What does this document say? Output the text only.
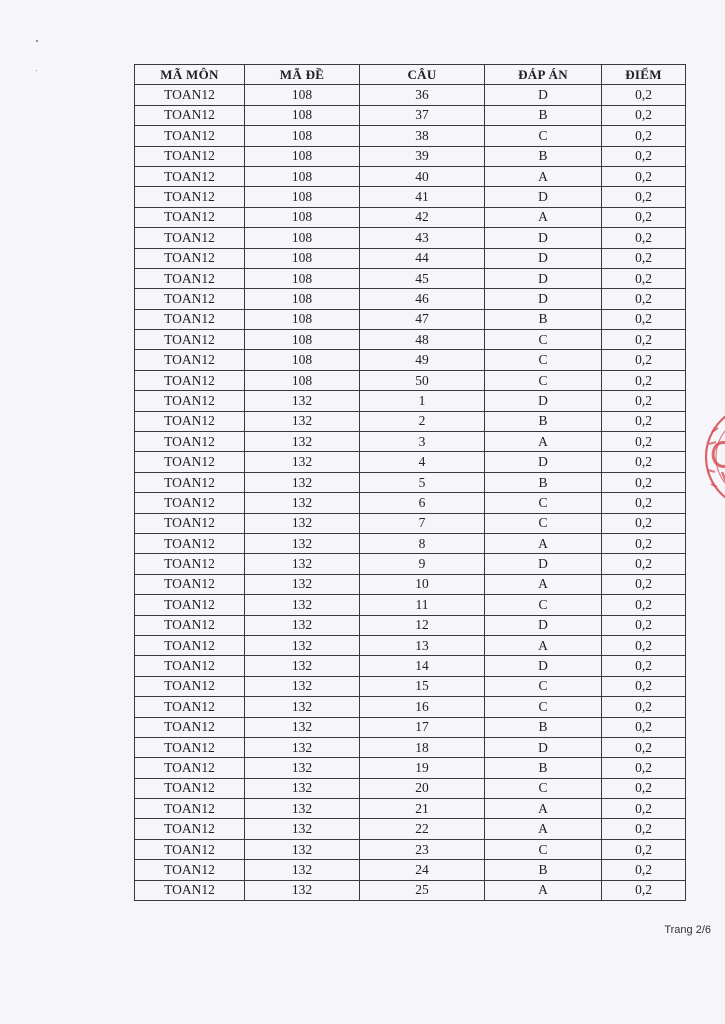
MÃ MÔN	MÃ ĐỀ	CÂU	ĐÁP ÁN	ĐIỂM
TOAN12	108	36	D	0,2
TOAN12	108	37	B	0,2
TOAN12	108	38	C	0,2
TOAN12	108	39	B	0,2
TOAN12	108	40	A	0,2
TOAN12	108	41	D	0,2
TOAN12	108	42	A	0,2
TOAN12	108	43	D	0,2
TOAN12	108	44	D	0,2
TOAN12	108	45	D	0,2
TOAN12	108	46	D	0,2
TOAN12	108	47	B	0,2
TOAN12	108	48	C	0,2
TOAN12	108	49	C	0,2
TOAN12	108	50	C	0,2
TOAN12	132	1	D	0,2
TOAN12	132	2	B	0,2
TOAN12	132	3	A	0,2
TOAN12	132	4	D	0,2
TOAN12	132	5	B	0,2
TOAN12	132	6	C	0,2
TOAN12	132	7	C	0,2
TOAN12	132	8	A	0,2
TOAN12	132	9	D	0,2
TOAN12	132	10	A	0,2
TOAN12	132	11	C	0,2
TOAN12	132	12	D	0,2
TOAN12	132	13	A	0,2
TOAN12	132	14	D	0,2
TOAN12	132	15	C	0,2
TOAN12	132	16	C	0,2
TOAN12	132	17	B	0,2
TOAN12	132	18	D	0,2
TOAN12	132	19	B	0,2
TOAN12	132	20	C	0,2
TOAN12	132	21	A	0,2
TOAN12	132	22	A	0,2
TOAN12	132	23	C	0,2
TOAN12	132	24	B	0,2
TOAN12	132	25	A	0,2
Trang 2/6
